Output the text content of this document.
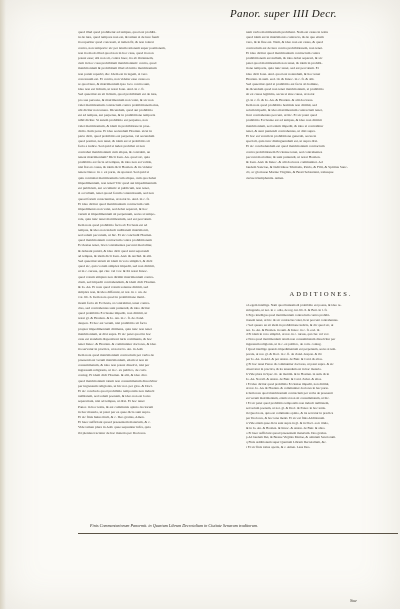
Panor. super IIII Decr.
quod illud quod prohibetur ad tempus, quod est prohibi-
tu de iure, quod tempore non est, & tamen si de iure fuerit
ita reperitur quod concessit, si tamen fit, & non tolerat
contra, non temporis: sic per istum rationem super positionem,
non ita modo illud quod non in hoc casu, quod ita non
potest esse; ubi non sit, contra haec, ita ab Ostiensem,
cum in hoc casu prohibitum matrimonium: contra, quod
matrimonium & prohibitum illud ab initio matrimonium
non potuit reperiri, &c. Idem est in legem, si vero
concessum est. Et contra, non videtur esse casus ea
re quod iure, & matrimonium ipso loco contra sunt,
ideo non est licitum, ut notat Ioan. And. in c. fi.
Sed quaeritur an sit licitum, quod prohibitum est de iure,
pro sua persona, & matrimonium non valet, & sic non
valet matrimonium contractum contra prohibitionem eius,
ubi dicitur non tenere. Dicendum, quod aut prohibitio
est ad tempus, aut perpetua, & in prohibitione temporis
nihil dicitur. Si autem prohibitio est perpetua, non
valet matrimonium, & idem in prohibitione in prae-
dictis. Item pone. Et ideo secundum Hostien. sicut in
parte dicit, quod prohibitio est perpetua, vel secundum
quod ponitur, non tenet, & idem est si prohibitio sit
facta a iudice. Sed quid si iudex prohibet ut non
contrahat matrimonium cum aliqua, & contrahit, an
teneat matrimonium? Dicit Ioan. An. quod sic, quia
prohibitio est facta ad tempus, & ideo non est valida,
nisi fiat ex causa, & idem dicit Hostien. & ita videtur
tenere Innoc. in c. ex parte, de sponsal. Sed quid si
quis contrahat matrimonium cum aliqua, cum qua habet
impedimentum, non tenet? Dic quod aut impedimentum
est publicum, aut occultum: si publicum, non tenet,
si occultum, tenet quoad forum contentiosum, sed non
quoad forum conscientiae, ut notat Io. And. in c. fi.
Et ideo dicitur quod matrimonium contractum cum
impedimento non valet, sed debet separari, & hoc
verum si impedimentum sit perpetuum, secus si tempo-
rale, quia tunc tenet matrimonium, sed est peccatum.
Item nota quod prohibitio facta ab Ecclesia est ad
tempus, & ideo non inducit nullitatem matrimonii,
sed solum peccatum, ut hic. Et sic concludit Hostien.
quod matrimonium contractum contra prohibitionem
Ecclesiae tenet, licet contrahentes peccent mortaliter,
& debeant puniri, & ideo dicit quod sunt separandi
ad tempus, & idem dicit Ioan. And. & Archid. & alii.
Sed quaeritur utrum sit idem in voto simplici, & dicit
quod sic, quia votum simplex impedit, sed non dirimit,
ut in c. rursus, qui cler. vel vov. & ibi notat Innoc.
quod votum simplex non dirimit matrimonium contra-
ctum, sed impedit contrahendum, & idem dicit Hostien.
& Io. An. Et nota quod votum solenne dirimit, sed
simplex non, & ideo differunt, ut not. in c. un. de
vot. lib. 6. Item nota quod in prohibitione matri-
monii facta ab Ecclesia, si contrahitur, tenet contra-
ctus, sed contrahentes sunt puniendi, & ideo dicitur
quod prohibitio Ecclesiae impedit, non dirimit, ut
notat gl. & Hostien. & Io. An. in c. fi. de cland.
despon. Et hoc est verum, nisi prohibitio sit facta
propter impedimentum dirimens, quia tunc non tenet
matrimonium, ut dixi supra. Et sic patet quod in hoc
casu est standum dispositioni iuris communis, & hoc
tenet Innoc. & Hostien. & communiter doctores, & ideo
ita servatur in practica, ut notat Io. An. in Add.
Item nota quod matrimonium contractum per verba de
praesenti est verum matrimonium, etiam si non sit
consummatum, & ideo non potest dissolvi, nisi per
ingressum religionis, ut in c. ex publico, de conv.
coniug. Et idem dicit Hostien. & alii, & ideo dico
quod matrimonium ratum non consummatum dissolvitur
per ingressum religionis, ut hic not. per glos. & Doct.
Et sic concludo quod prohibitio temporalis non inducit
nullitatem, sed solum poenam, & ideo non est locus
separationi, nisi ad tempus, ut dixi. Et hoc tenet
Panor. in hoc textu, & est communis opinio doctorum
in hac materia, ut patet per ea quae dicta sunt supra.
Et sic finis huius tituli, & c. Deo gratias, Amen.
Et haec sufficiant quoad praesentem materiam, & c.
Vide tamen plura in Add. quae sequuntur infra, quia
ibi plenius tractatur de hac materia per Doctores.
nam verba matrimonium prohibent. Nam est casus in textu
quod idem est in matrimonio contracto, & de quo etiam
vero, & in fine est. Nam, & ideo non est casus, & quod
contractum est de iure contra prohibitionem, non tenet.
Et ideo dicitur quod matrimonium contractum contra
prohibitionem est nullum, & ideo debet separari, & sic
patet quod matrimonium non tenet, & idem in prohibi-
tione temporis, quia tunc tenet, sed est peccatum. Et
ideo dicit Ioan. And. quod est notandum, & hoc tenet
Hostien. in sum. eod. tit. & Innoc. in c. fi. & alii.
Sed quaeritur quid si prohibitio est facta ab homine,
& dicendum quod non tenet matrimonium, si prohibitio
sit ex causa legitima, secus si sine causa, ut notat
gl. in c. fi. & Io. An. & Hostien. & alii doctores.
Item nota quod prohibitio hominis non dirimit, sed
solum impedit, & ideo matrimonium contractum tenet,
licet contrahentes peccent, ut hic. Et sic patet quod
prohibitio Ecclesiae est ad tempus, & ideo non dirimit
matrimonium, sed solum impedit, & ideo si contrahitur
tenet, & sunt puniendi contrahentes, ut dixi supra.
Et hoc est verum in prohibitione generali, secus in
speciali, quia tunc distinguendum est, ut supra dixi.
Et sic concludendum est quod matrimonium contractum
contra prohibitionem Ecclesiae tenet, sed contrahentes
peccant mortaliter, & sunt puniendi, ut notat Hostien.
& Ioan. And. & Innoc. & alii doctores communiter. Ad
laudem Sanctae, & Individuae Trinitatis, Patris, & Filii, & Spiritus Sanc-
cti, ac gloriosae Mariae Virginis, & Beati Sebastiani, totiusque
curiae triumphantis. Amen.
ADDITIONES.
a Legem intellige. Nam quod huiusmodi prohibitio est poena, & ideo re-
stringenda, ut not. in c. odia, de reg. iur. lib. 6. & Bart. in l. fi.
b Ergo intelligas quod matrimonium contractum contra prohibi-
tionem tenet, ut hic. & sic contractus valet, licet peccent contrahentes.
c Sed quaero an sit idem in prohibitione iudicis, & dic quod sic, ut
not. Io. An. & Hostien. in sum. & Innoc. in c. fi. eod. tit.
d Et idem in voto simplici, ut not. in c. rursus, qui cler. vel vov.
e Nota quod matrimonium ratum non consummatum dissolvitur per
ingressum religionis, ut in c. ex publico, de conv. coniug.
f Quod intellige quando impedimentum est perpetuum, secus si tem-
porale, ut not. gl. & Doct. in c. fi. de cland. despon. & ibi
per Io. An. in Add. & per Anton. de Butr. & Card. & alios.
g Et hoc tenet Panor. & communiter doctores, ut patet supra. & sic
observatur in practica, & ita tenendum est in hac materia.
h Vide plura in Spec. tit. de matrim. & in Hostien. in sum. & in
Io. An. Novell. & Anton. de Butr. & Card. Zabar. & alios.
i Et ideo dicitur quod prohibitio Ecclesiae impedit, non dirimit,
ut not. Io. An. & Hostien. & communiter doctores in hac parte.
k Item nota quod matrimonium contractum per verba de praesenti
est verum matrimonium, etiam si non sit consummatum, ut hic.
l Et sic patet quod prohibitio temporalis non inducit nullitatem,
sed solum poenam, ut not. gl. & Doct. & Panor. in hoc textu.
m Quod nota, quia est communis opinio, & ita servatur in practica
per Doctores, & hoc tene menti. Et sic est finis Additionum.
n Vide etiam quae dicta sunt supra in gl. & in Doct. eod. titulo,
& in Io. An. & Hostien. & Innoc. & Anton. de Butr. & alios.
o Et haec sufficiant quoad praesentem materiam. Deo gratias.
p Ad laudem Dei, & Beatae Virginis Mariae, & omnium Sanctorum.
q Finis Additionum super Quartum Librum Decretalium, &c.
r Et sic finis totius operis, & c. Amen. Laus Deo.
Finis Commentariorum Panormit. in Quartum Librum Decretalium in Ciuitate Senarum traditorum.
Siue
